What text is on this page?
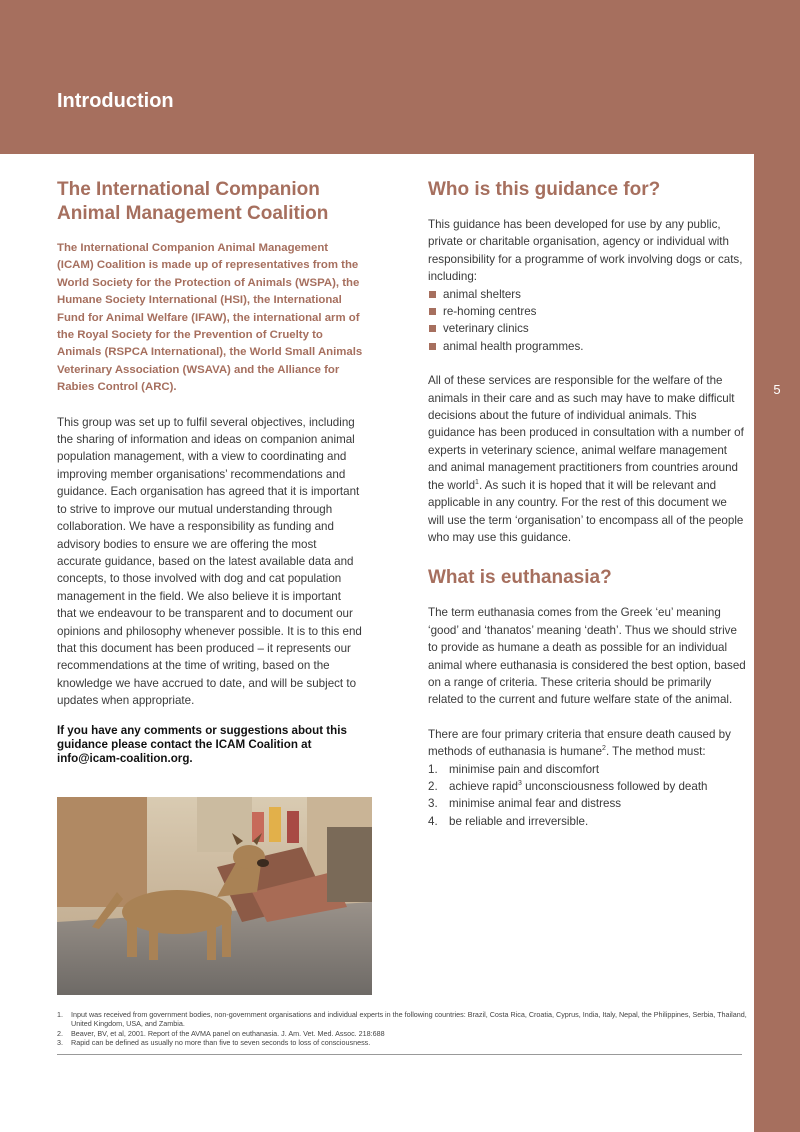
Introduction
5
The International Companion Animal Management Coalition

The International Companion Animal Management (ICAM) Coalition is made up of representatives from the World Society for the Protection of Animals (WSPA), the Humane Society International (HSI), the International Fund for Animal Welfare (IFAW), the international arm of the Royal Society for the Prevention of Cruelty to Animals (RSPCA International), the World Small Animals Veterinary Association (WSAVA) and the Alliance for Rabies Control (ARC).

This group was set up to fulfil several objectives, including the sharing of information and ideas on companion animal population management, with a view to coordinating and improving member organisations’ recommendations and guidance. Each organisation has agreed that it is important to strive to improve our mutual understanding through collaboration. We have a responsibility as funding and advisory bodies to ensure we are offering the most accurate guidance, based on the latest available data and concepts, to those involved with dog and cat population management in the field. We also believe it is important that we endeavour to be transparent and to document our opinions and philosophy whenever possible. It is to this end that this document has been produced – it represents our recommendations at the time of writing, based on the knowledge we have accrued to date, and will be subject to updates when appropriate.

If you have any comments or suggestions about this guidance please contact the ICAM Coalition at info@icam-coalition.org.

Who is this guidance for?

This guidance has been developed for use by any public, private or charitable organisation, agency or individual with responsibility for a programme of work involving dogs or cats, including:

animal shelters
re-homing centres
veterinary clinics
animal health programmes.

All of these services are responsible for the welfare of the animals in their care and as such may have to make difficult decisions about the future of individual animals. This guidance has been produced in consultation with a number of experts in veterinary science, animal welfare management and animal management practitioners from countries around the world$^1$. As such it is hoped that it will be relevant and applicable in any country. For the rest of this document we will use the term ‘organisation’ to encompass all of the people who may use this guidance.

What is euthanasia?

The term euthanasia comes from the Greek ‘eu’ meaning ‘good’ and ‘thanatos’ meaning ‘death’. Thus we should strive to provide as humane a death as possible for an individual animal where euthanasia is considered the best option, based on a range of criteria. These criteria should be primarily related to the current and future welfare state of the animal.

There are four primary criteria that ensure death caused by methods of euthanasia is humane$^2$. The method must:

1. minimise pain and discomfort
2. achieve rapid$^3$ unconsciousness followed by death
3. minimise animal fear and distress
4. be reliable and irreversible.
1. Input was received from government bodies, non-government organisations and individual experts in the following countries: Brazil, Costa Rica, Croatia, Cyprus, India, Italy, Nepal, the Philippines, Serbia, Thailand, United Kingdom, USA, and Zambia.
2. Beaver, BV, et al, 2001. Report of the AVMA panel on euthanasia. J. Am. Vet. Med. Assoc. 218:688
3. Rapid can be defined as usually no more than five to seven seconds to loss of consciousness.
